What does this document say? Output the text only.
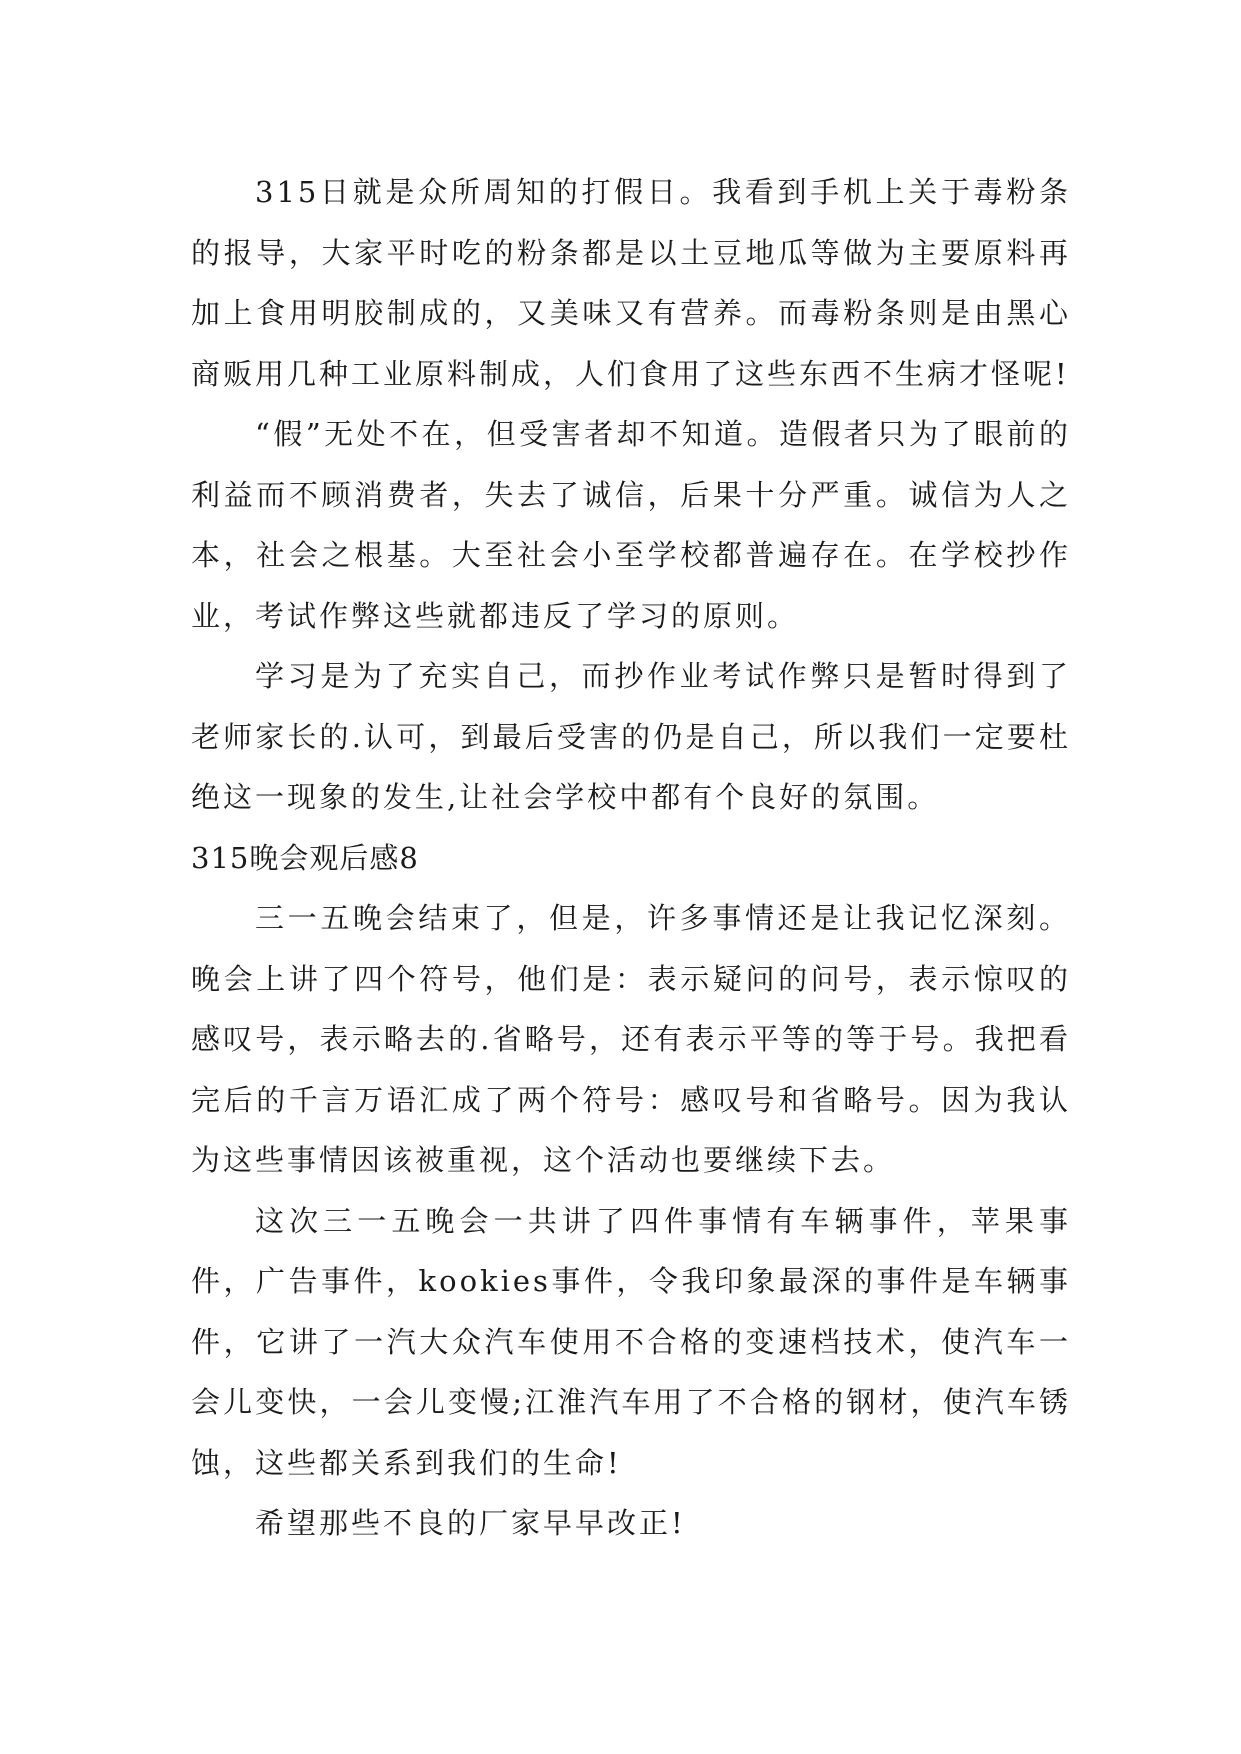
315日就是众所周知的打假日。我看到手机上关于毒粉条的报导，大家平时吃的粉条都是以土豆地瓜等做为主要原料再加上食用明胶制成的，又美味又有营养。而毒粉条则是由黑心商贩用几种工业原料制成，人们食用了这些东西不生病才怪呢!

“假”无处不在，但受害者却不知道。造假者只为了眼前的利益而不顾消费者，失去了诚信，后果十分严重。诚信为人之本，社会之根基。大至社会小至学校都普遍存在。在学校抄作业，考试作弊这些就都违反了学习的原则。

学习是为了充实自己，而抄作业考试作弊只是暂时得到了老师家长的.认可，到最后受害的仍是自己，所以我们一定要杜绝这一现象的发生,让社会学校中都有个良好的氛围。

315晚会观后感8

三一五晚会结束了，但是，许多事情还是让我记忆深刻。晚会上讲了四个符号，他们是：表示疑问的问号，表示惊叹的感叹号，表示略去的.省略号，还有表示平等的等于号。我把看完后的千言万语汇成了两个符号：感叹号和省略号。因为我认为这些事情因该被重视，这个活动也要继续下去。

这次三一五晚会一共讲了四件事情有车辆事件，苹果事件，广告事件，kookies事件，令我印象最深的事件是车辆事件，它讲了一汽大众汽车使用不合格的变速档技术，使汽车一会儿变快，一会儿变慢;江淮汽车用了不合格的钢材，使汽车锈蚀，这些都关系到我们的生命!

希望那些不良的厂家早早改正!
